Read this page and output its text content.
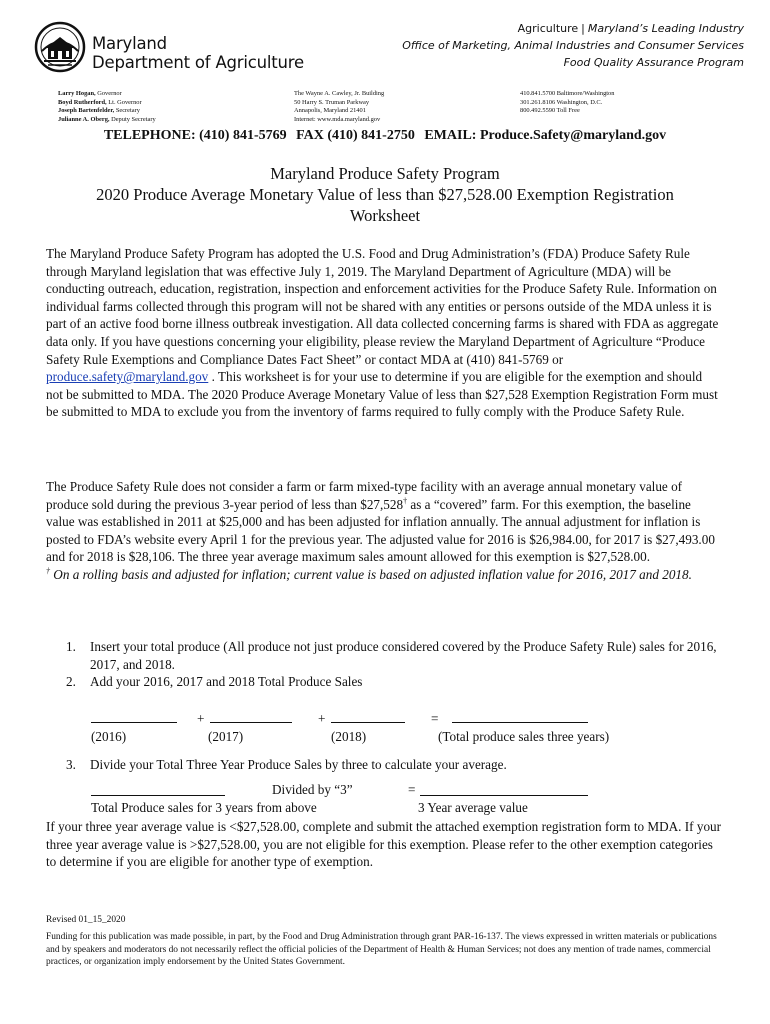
Maryland
Department of Agriculture
Agriculture | Maryland’s Leading Industry
Office of Marketing, Animal Industries and Consumer Services
Food Quality Assurance Program
Larry Hogan, Governor
Boyd Rutherford, Lt. Governor
Joseph Bartenfelder, Secretary
Julianne A. Oberg, Deputy Secretary
The Wayne A. Cawley, Jr. Building
50 Harry S. Truman Parkway
Annapolis, Maryland 21401
Internet: www.mda.maryland.gov
410.841.5700 Baltimore/Washington
301.261.8106 Washington, D.C.
800.492.5590 Toll Free
TELEPHONE: (410) 841-5769 FAX (410) 841-2750 EMAIL: Produce.Safety@maryland.gov
Maryland Produce Safety Program
2020 Produce Average Monetary Value of less than $27,528.00 Exemption Registration
Worksheet
The Maryland Produce Safety Program has adopted the U.S. Food and Drug Administration’s (FDA) Produce Safety Rule through Maryland legislation that was effective July 1, 2019. The Maryland Department of Agriculture (MDA) will be conducting outreach, education, registration, inspection and enforcement activities for the Produce Safety Rule. Information on individual farms collected through this program will not be shared with any entities or persons outside of the MDA unless it is part of an active food borne illness outbreak investigation. All data collected concerning farms is shared with FDA as aggregate data only. If you have questions concerning your eligibility, please review the Maryland Department of Agriculture “Produce Safety Rule Exemptions and Compliance Dates Fact Sheet” or contact MDA at (410) 841-5769 or
produce.safety@maryland.gov . This worksheet is for your use to determine if you are eligible for the exemption and should not be submitted to MDA. The 2020 Produce Average Monetary Value of less than $27,528 Exemption Registration Form must be submitted to MDA to exclude you from the inventory of farms required to fully comply with the Produce Safety Rule.
The Produce Safety Rule does not consider a farm or farm mixed-type facility with an average annual monetary value of produce sold during the previous 3-year period of less than $27,528† as a “covered” farm. For this exemption, the baseline value was established in 2011 at $25,000 and has been adjusted for inflation annually. The annual adjustment for inflation is posted to FDA’s website every April 1 for the previous year. The adjusted value for 2016 is $26,984.00, for 2017 is $27,493.00 and for 2018 is $28,106. The three year average maximum sales amount allowed for this exemption is $27,528.00.
† On a rolling basis and adjusted for inflation; current value is based on adjusted inflation value for 2016, 2017 and 2018.
1.	Insert your total produce (All produce not just produce considered covered by the Produce Safety Rule) sales for 2016, 2017, and 2018.
2.	Add your 2016, 2017 and 2018 Total Produce Sales
+	+	=
(2016)	(2017)	(2018)	(Total produce sales three years)
3.	Divide your Total Three Year Produce Sales by three to calculate your average.
Divided by “3”	=
Total Produce sales for 3 years from above	3 Year average value
If your three year average value is <$27,528.00, complete and submit the attached exemption registration form to MDA. If your three year average value is >$27,528.00, you are not eligible for this exemption. Please refer to the other exemption categories to determine if you are eligible for another type of exemption.
Revised 01_15_2020
Funding for this publication was made possible, in part, by the Food and Drug Administration through grant PAR-16-137. The views expressed in written materials or publications and by speakers and moderators do not necessarily reflect the official policies of the Department of Health & Human Services; not does any mention of trade names, commercial practices, or organization imply endorsement by the United States Government.
